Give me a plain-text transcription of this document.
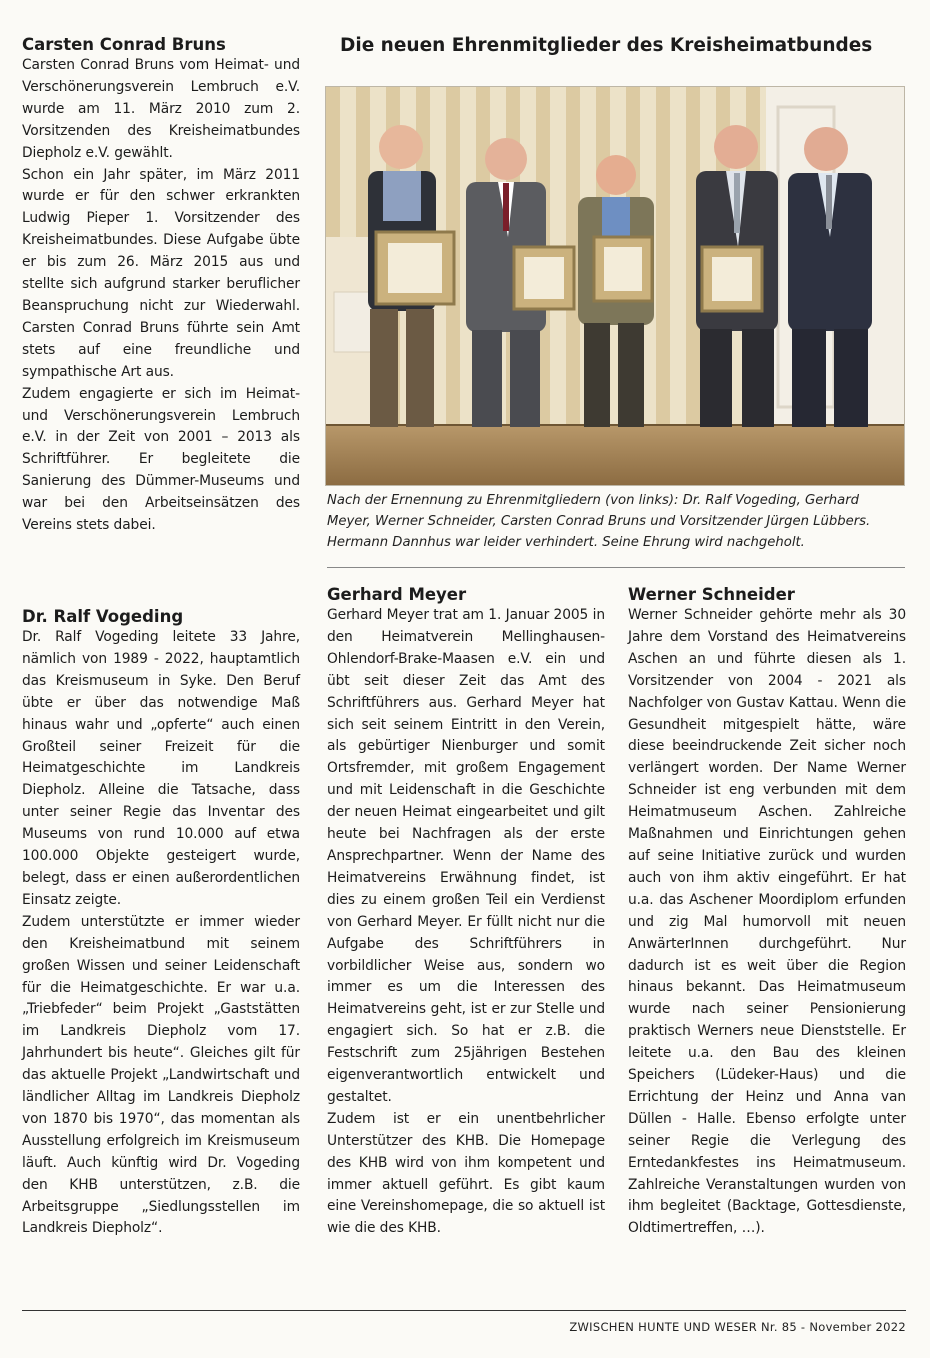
Carsten Conrad Bruns

Carsten Conrad Bruns vom Heimat- und Verschönerungsverein Lembruch e.V. wurde am 11. März 2010 zum 2. Vorsitzenden des Kreisheimatbundes Diepholz e.V. gewählt.

Schon ein Jahr später, im März 2011 wurde er für den schwer erkrankten Ludwig Pieper 1. Vorsitzender des Kreisheimatbundes. Diese Aufgabe übte er bis zum 26. März 2015 aus und stellte sich aufgrund starker beruflicher Beanspruchung nicht zur Wiederwahl. Carsten Conrad Bruns führte sein Amt stets auf eine freundliche und sympathische Art aus.

Zudem engagierte er sich im Heimat- und Verschönerungsverein Lembruch e.V. in der Zeit von 2001 – 2013 als Schriftführer. Er begleitete die Sanierung des Dümmer-Museums und war bei den Arbeitseinsätzen des Vereins stets dabei.

Dr. Ralf Vogeding

Dr. Ralf Vogeding leitete 33 Jahre, nämlich von 1989 - 2022, hauptamtlich das Kreismuseum in Syke. Den Beruf übte er über das notwendige Maß hinaus wahr und „opferte“ auch einen Großteil seiner Freizeit für die Heimatgeschichte im Landkreis Diepholz. Alleine die Tatsache, dass unter seiner Regie das Inventar des Museums von rund 10.000 auf etwa 100.000 Objekte gesteigert wurde, belegt, dass er einen außerordentlichen Einsatz zeigte.

Zudem unterstützte er immer wieder den Kreisheimatbund mit seinem großen Wissen und seiner Leidenschaft für die Heimatgeschichte. Er war u.a. „Triebfeder“ beim Projekt „Gaststätten im Landkreis Diepholz vom 17. Jahrhundert bis heute“. Gleiches gilt für das aktuelle Projekt „Landwirtschaft und ländlicher Alltag im Landkreis Diepholz von 1870 bis 1970“, das momentan als Ausstellung erfolgreich im Kreismuseum läuft. Auch künftig wird Dr. Vogeding den KHB unterstützen, z.B. die Arbeitsgruppe „Siedlungsstellen im Landkreis Diepholz“.

Die neuen Ehrenmitglieder des Kreisheimatbundes
Nach der Ernennung zu Ehrenmitgliedern (von links): Dr. Ralf Vogeding, Gerhard Meyer, Werner Schneider, Carsten Conrad Bruns und Vorsitzender Jürgen Lübbers. Hermann Dannhus war leider verhindert. Seine Ehrung wird nachgeholt.
Gerhard Meyer

Gerhard Meyer trat am 1. Januar 2005 in den Heimatverein Mellinghausen-Ohlendorf-Brake-Maasen e.V. ein und übt seit dieser Zeit das Amt des Schriftführers aus. Gerhard Meyer hat sich seit seinem Eintritt in den Verein, als gebürtiger Nienburger und somit Ortsfremder, mit großem Engagement und mit Leidenschaft in die Geschichte der neuen Heimat eingearbeitet und gilt heute bei Nachfragen als der erste Ansprechpartner. Wenn der Name des Heimatvereins Erwähnung findet, ist dies zu einem großen Teil ein Verdienst von Gerhard Meyer. Er füllt nicht nur die Aufgabe des Schriftführers in vorbildlicher Weise aus, sondern wo immer es um die Interessen des Heimatvereins geht, ist er zur Stelle und engagiert sich. So hat er z.B. die Festschrift zum 25jährigen Bestehen eigenverantwortlich entwickelt und gestaltet.

Zudem ist er ein unentbehrlicher Unterstützer des KHB. Die Homepage des KHB wird von ihm kompetent und immer aktuell geführt. Es gibt kaum eine Vereinshomepage, die so aktuell ist wie die des KHB.

Werner Schneider

Werner Schneider gehörte mehr als 30 Jahre dem Vorstand des Heimatvereins Aschen an und führte diesen als 1. Vorsitzender von 2004 - 2021 als Nachfolger von Gustav Kattau. Wenn die Gesundheit mitgespielt hätte, wäre diese beeindruckende Zeit sicher noch verlängert worden. Der Name Werner Schneider ist eng verbunden mit dem Heimatmuseum Aschen. Zahlreiche Maßnahmen und Einrichtungen gehen auf seine Initiative zurück und wurden auch von ihm aktiv eingeführt. Er hat u.a. das Aschener Moordiplom erfunden und zig Mal humorvoll mit neuen AnwärterInnen durchgeführt. Nur dadurch ist es weit über die Region hinaus bekannt. Das Heimatmuseum wurde nach seiner Pensionierung praktisch Werners neue Dienststelle. Er leitete u.a. den Bau des kleinen Speichers (Lüdeker-Haus) und die Errichtung der Heinz und Anna van Düllen - Halle. Ebenso erfolgte unter seiner Regie die Verlegung des Erntedankfestes ins Heimatmuseum. Zahlreiche Veranstaltungen wurden von ihm begleitet (Backtage, Gottesdienste, Oldtimertreffen, …).

ZWISCHEN HUNTE UND WESER Nr. 85 - November 2022
